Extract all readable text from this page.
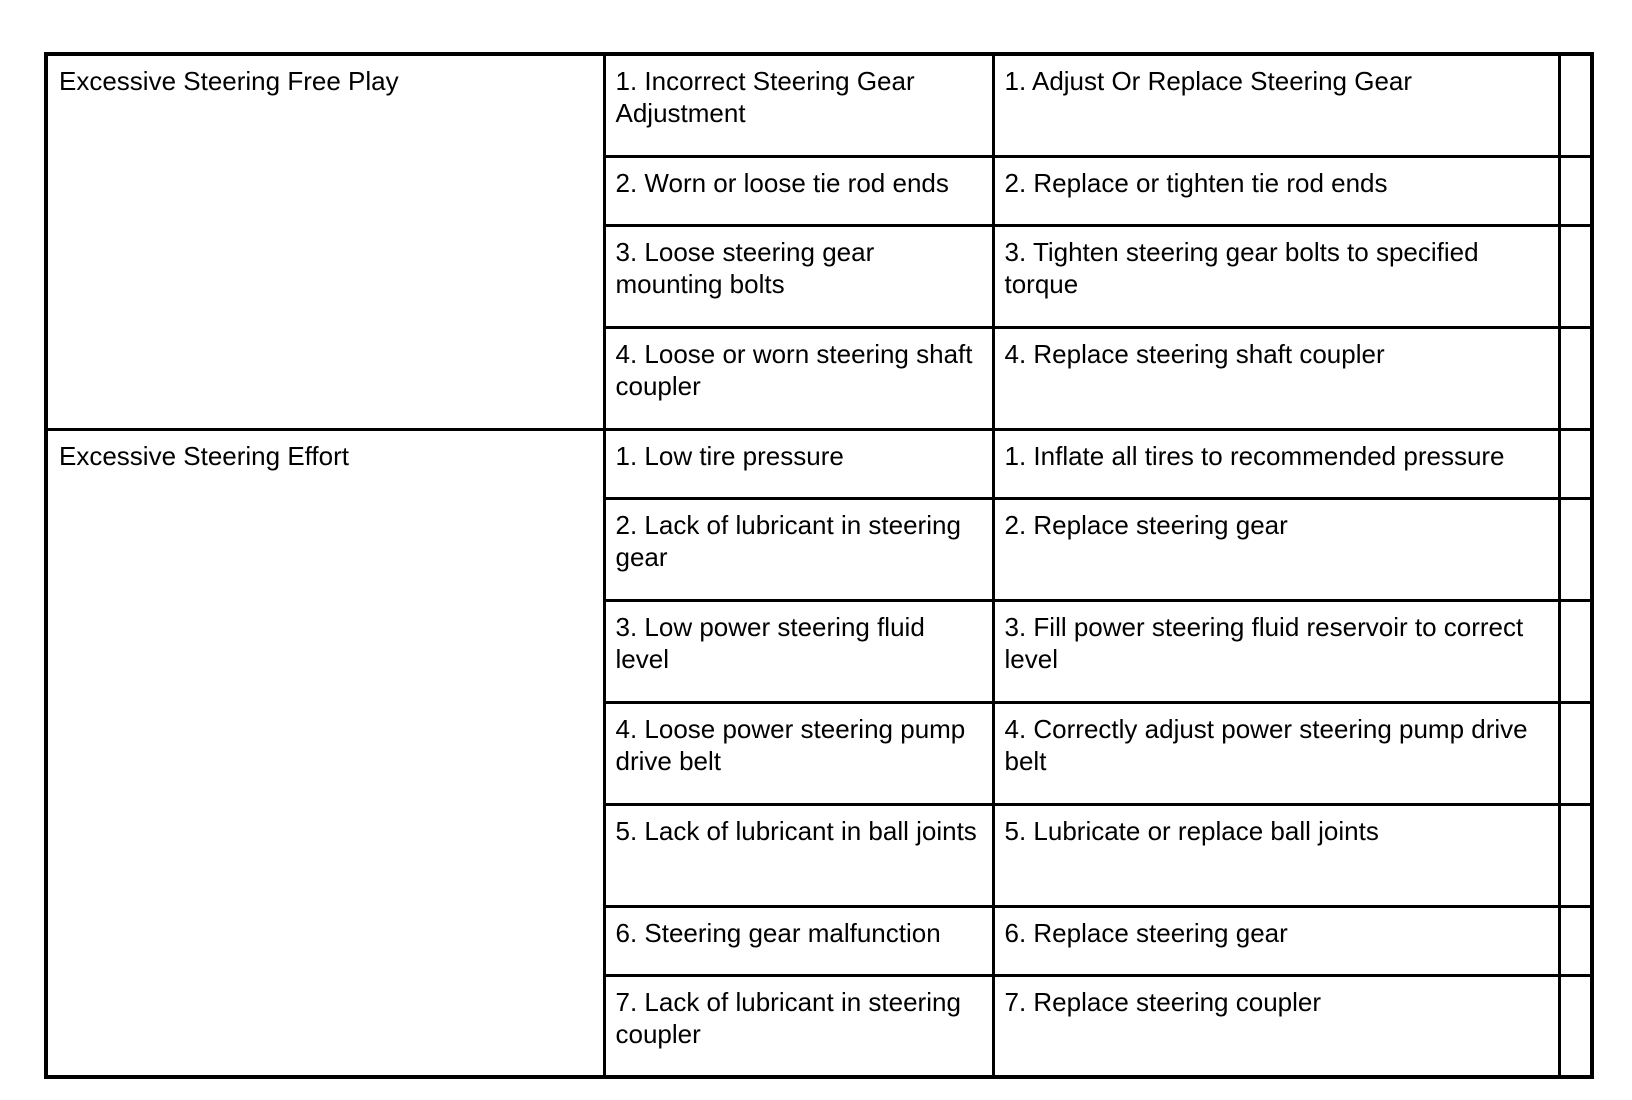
Excessive Steering Free Play	1. Incorrect Steering Gear Adjustment	1. Adjust Or Replace Steering Gear	
	2. Worn or loose tie rod ends	2. Replace or tighten tie rod ends	
	3. Loose steering gear mounting bolts	3. Tighten steering gear bolts to specified torque	
	4. Loose or worn steering shaft coupler	4. Replace steering shaft coupler	
Excessive Steering Effort	1. Low tire pressure	1. Inflate all tires to recommended pressure	
	2. Lack of lubricant in steering gear	2. Replace steering gear	
	3. Low power steering fluid level	3. Fill power steering fluid reservoir to correct level	
	4. Loose power steering pump drive belt	4. Correctly adjust power steering pump drive belt	
	5. Lack of lubricant in ball joints	5. Lubricate or replace ball joints	
	6. Steering gear malfunction	6. Replace steering gear	
	7. Lack of lubricant in steering coupler	7. Replace steering coupler	
